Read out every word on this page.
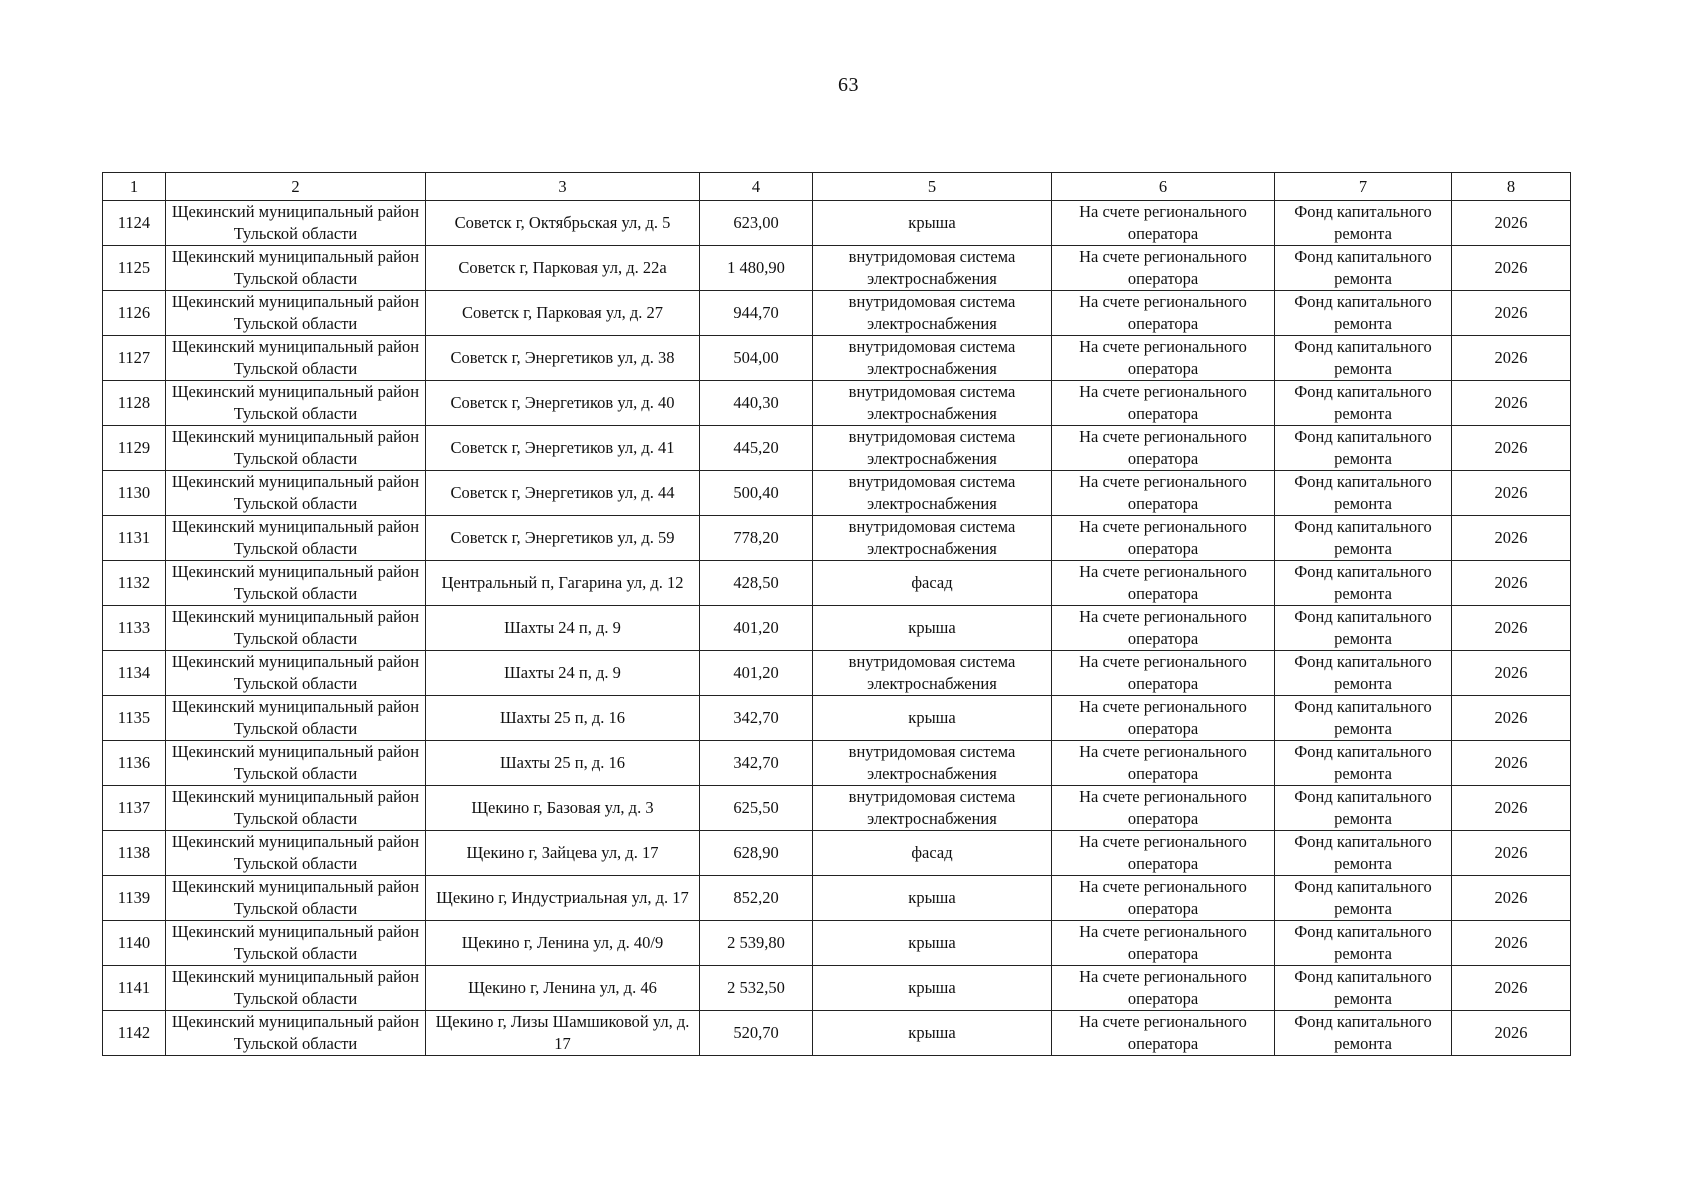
63
1	2	3	4	5	6	7	8
1124	Щекинский муниципальный район Тульской области	Советск г, Октябрьская ул, д. 5	623,00	крыша	На счете регионального оператора	Фонд капитального ремонта	2026
1125	Щекинский муниципальный район Тульской области	Советск г, Парковая ул, д. 22а	1 480,90	внутридомовая система электроснабжения	На счете регионального оператора	Фонд капитального ремонта	2026
1126	Щекинский муниципальный район Тульской области	Советск г, Парковая ул, д. 27	944,70	внутридомовая система электроснабжения	На счете регионального оператора	Фонд капитального ремонта	2026
1127	Щекинский муниципальный район Тульской области	Советск г, Энергетиков ул, д. 38	504,00	внутридомовая система электроснабжения	На счете регионального оператора	Фонд капитального ремонта	2026
1128	Щекинский муниципальный район Тульской области	Советск г, Энергетиков ул, д. 40	440,30	внутридомовая система электроснабжения	На счете регионального оператора	Фонд капитального ремонта	2026
1129	Щекинский муниципальный район Тульской области	Советск г, Энергетиков ул, д. 41	445,20	внутридомовая система электроснабжения	На счете регионального оператора	Фонд капитального ремонта	2026
1130	Щекинский муниципальный район Тульской области	Советск г, Энергетиков ул, д. 44	500,40	внутридомовая система электроснабжения	На счете регионального оператора	Фонд капитального ремонта	2026
1131	Щекинский муниципальный район Тульской области	Советск г, Энергетиков ул, д. 59	778,20	внутридомовая система электроснабжения	На счете регионального оператора	Фонд капитального ремонта	2026
1132	Щекинский муниципальный район Тульской области	Центральный п, Гагарина ул, д. 12	428,50	фасад	На счете регионального оператора	Фонд капитального ремонта	2026
1133	Щекинский муниципальный район Тульской области	Шахты 24 п, д. 9	401,20	крыша	На счете регионального оператора	Фонд капитального ремонта	2026
1134	Щекинский муниципальный район Тульской области	Шахты 24 п, д. 9	401,20	внутридомовая система электроснабжения	На счете регионального оператора	Фонд капитального ремонта	2026
1135	Щекинский муниципальный район Тульской области	Шахты 25 п, д. 16	342,70	крыша	На счете регионального оператора	Фонд капитального ремонта	2026
1136	Щекинский муниципальный район Тульской области	Шахты 25 п, д. 16	342,70	внутридомовая система электроснабжения	На счете регионального оператора	Фонд капитального ремонта	2026
1137	Щекинский муниципальный район Тульской области	Щекино г, Базовая ул, д. 3	625,50	внутридомовая система электроснабжения	На счете регионального оператора	Фонд капитального ремонта	2026
1138	Щекинский муниципальный район Тульской области	Щекино г, Зайцева ул, д. 17	628,90	фасад	На счете регионального оператора	Фонд капитального ремонта	2026
1139	Щекинский муниципальный район Тульской области	Щекино г, Индустриальная ул, д. 17	852,20	крыша	На счете регионального оператора	Фонд капитального ремонта	2026
1140	Щекинский муниципальный район Тульской области	Щекино г, Ленина ул, д. 40/9	2 539,80	крыша	На счете регионального оператора	Фонд капитального ремонта	2026
1141	Щекинский муниципальный район Тульской области	Щекино г, Ленина ул, д. 46	2 532,50	крыша	На счете регионального оператора	Фонд капитального ремонта	2026
1142	Щекинский муниципальный район Тульской области	Щекино г, Лизы Шамшиковой ул, д. 17	520,70	крыша	На счете регионального оператора	Фонд капитального ремонта	2026
